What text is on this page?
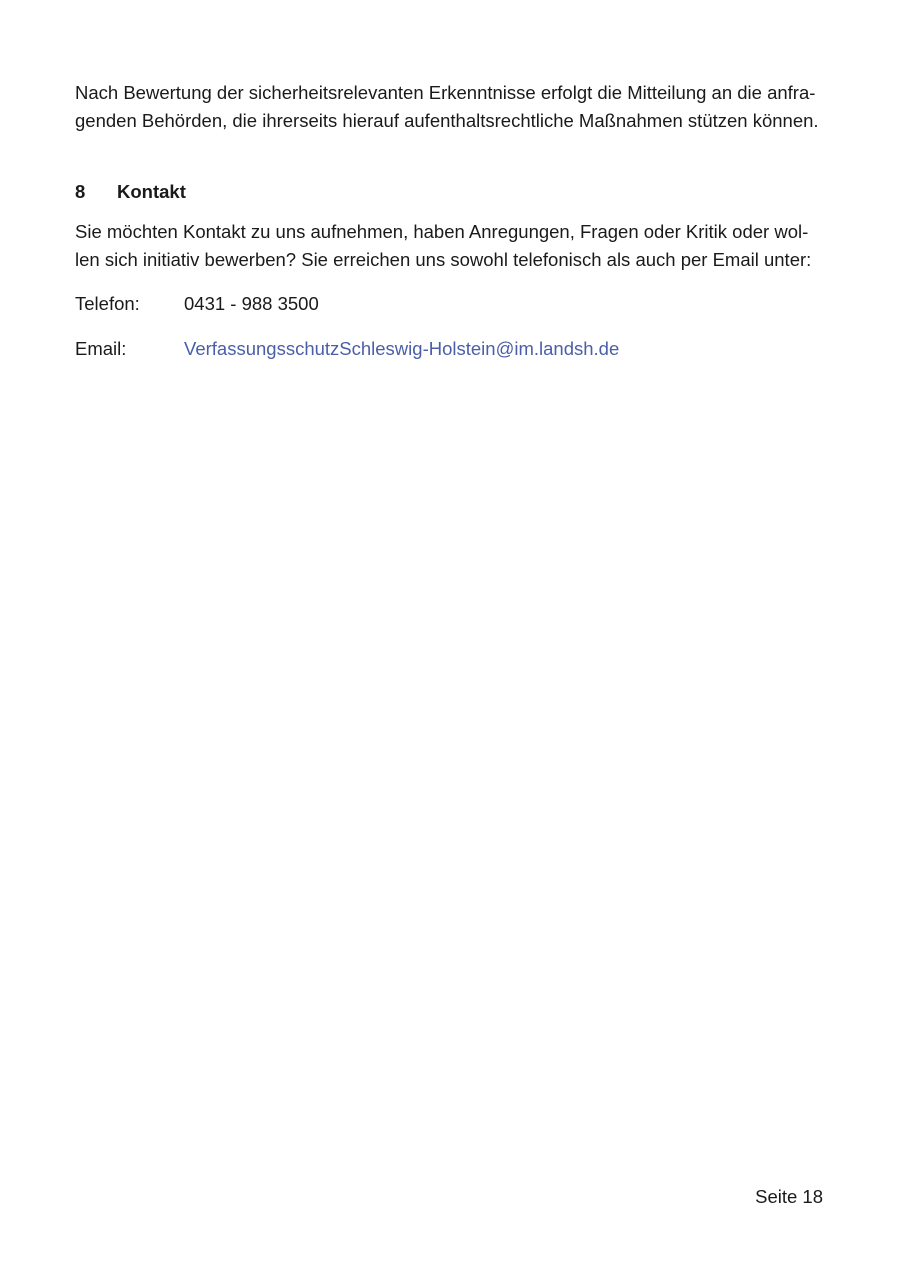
Nach Bewertung der sicherheitsrelevanten Erkenntnisse erfolgt die Mitteilung an die anfra-
genden Behörden, die ihrerseits hierauf aufenthaltsrechtliche Maßnahmen stützen können.

8 Kontakt

Sie möchten Kontakt zu uns aufnehmen, haben Anregungen, Fragen oder Kritik oder wol-
len sich initiativ bewerben? Sie erreichen uns sowohl telefonisch als auch per Email unter:

Telefon: 0431 - 988 3500
Email:	VerfassungsschutzSchleswig-Holstein@im.landsh.de
Seite 18
